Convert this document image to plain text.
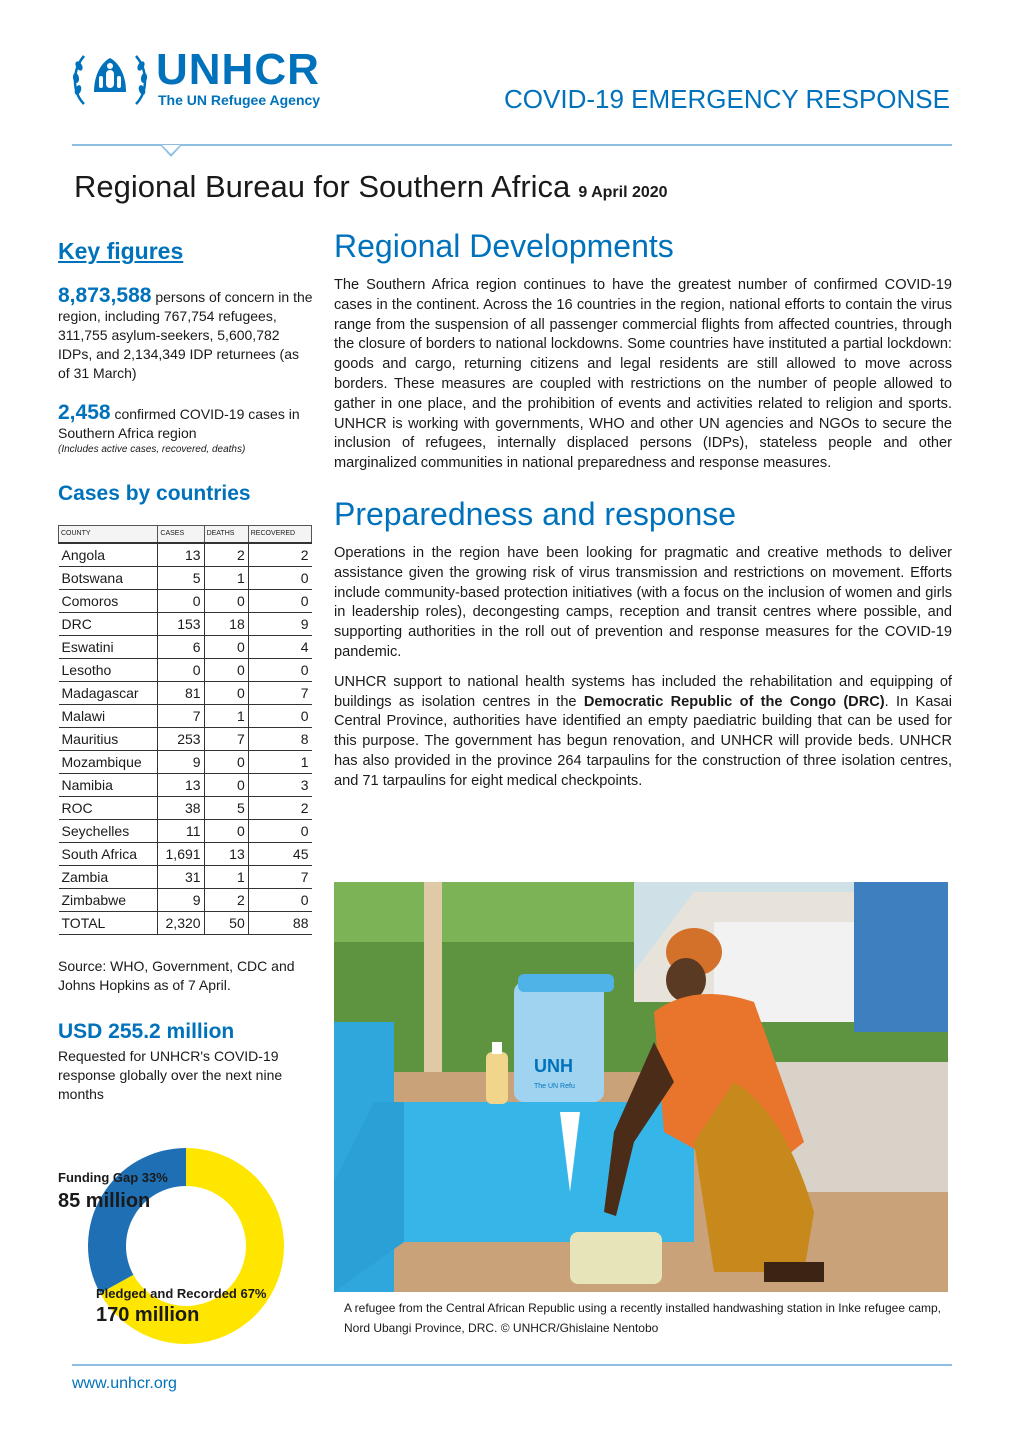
UNHCR
The UN Refugee Agency	COVID-19 EMERGENCY RESPONSE
Regional Bureau for Southern Africa 9 April 2020
Key figures
8,873,588 persons of concern in the region, including 767,754 refugees, 311,755 asylum-seekers, 5,600,782 IDPs, and 2,134,349 IDP returnees (as of 31 March)
2,458 confirmed COVID-19 cases in Southern Africa region
(Includes active cases, recovered, deaths)
Cases by countries
COUNTY	CASES	DEATHS	RECOVERED
Angola	13	2	2
Botswana	5	1	0
Comoros	0	0	0
DRC	153	18	9
Eswatini	6	0	4
Lesotho	0	0	0
Madagascar	81	0	7
Malawi	7	1	0
Mauritius	253	7	8
Mozambique	9	0	1
Namibia	13	0	3
ROC	38	5	2
Seychelles	11	0	0
South Africa	1,691	13	45
Zambia	31	1	7
Zimbabwe	9	2	0
TOTAL	2,320	50	88
Source: WHO, Government, CDC and Johns Hopkins as of 7 April.
USD 255.2 million
Requested for UNHCR's COVID-19 response globally over the next nine months
Funding Gap 33%
85 million
Pledged and Recorded 67%
170 million
Regional Developments

The Southern Africa region continues to have the greatest number of confirmed COVID-19 cases in the continent. Across the 16 countries in the region, national efforts to contain the virus range from the suspension of all passenger commercial flights from affected countries, through the closure of borders to national lockdowns. Some countries have instituted a partial lockdown: goods and cargo, returning citizens and legal residents are still allowed to move across borders. These measures are coupled with restrictions on the number of people allowed to gather in one place, and the prohibition of events and activities related to religion and sports. UNHCR is working with governments, WHO and other UN agencies and NGOs to secure the inclusion of refugees, internally displaced persons (IDPs), stateless people and other marginalized communities in national preparedness and response measures.

Preparedness and response

Operations in the region have been looking for pragmatic and creative methods to deliver assistance given the growing risk of virus transmission and restrictions on movement. Efforts include community-based protection initiatives (with a focus on the inclusion of women and girls in leadership roles), decongesting camps, reception and transit centres where possible, and supporting authorities in the roll out of prevention and response measures for the COVID-19 pandemic.

UNHCR support to national health systems has included the rehabilitation and equipping of buildings as isolation centres in the Democratic Republic of the Congo (DRC). In Kasai Central Province, authorities have identified an empty paediatric building that can be used for this purpose. The government has begun renovation, and UNHCR will provide beds. UNHCR has also provided in the province 264 tarpaulins for the construction of three isolation centres, and 71 tarpaulins for eight medical checkpoints.

UNH
The UN Refu
A refugee from the Central African Republic using a recently installed handwashing station in Inke refugee camp, Nord Ubangi Province, DRC. © UNHCR/Ghislaine Nentobo
www.unhcr.org
